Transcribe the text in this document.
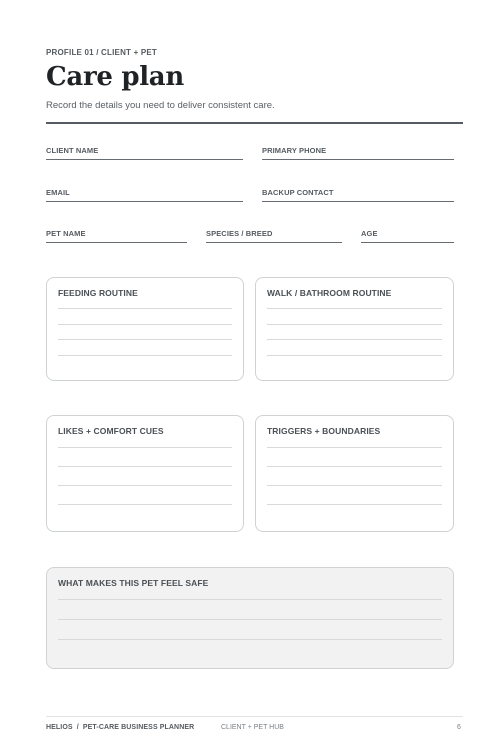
PROFILE 01 / CLIENT + PET
Care plan
Record the details you need to deliver consistent care.
CLIENT NAME	PRIMARY PHONE
EMAIL	BACKUP CONTACT
PET NAME	SPECIES / BREED	AGE
FEEDING ROUTINE	WALK / BATHROOM ROUTINE
LIKES + COMFORT CUES	TRIGGERS + BOUNDARIES
WHAT MAKES THIS PET FEEL SAFE
HELIOS  /  PET-CARE BUSINESS PLANNER	CLIENT + PET HUB	6
